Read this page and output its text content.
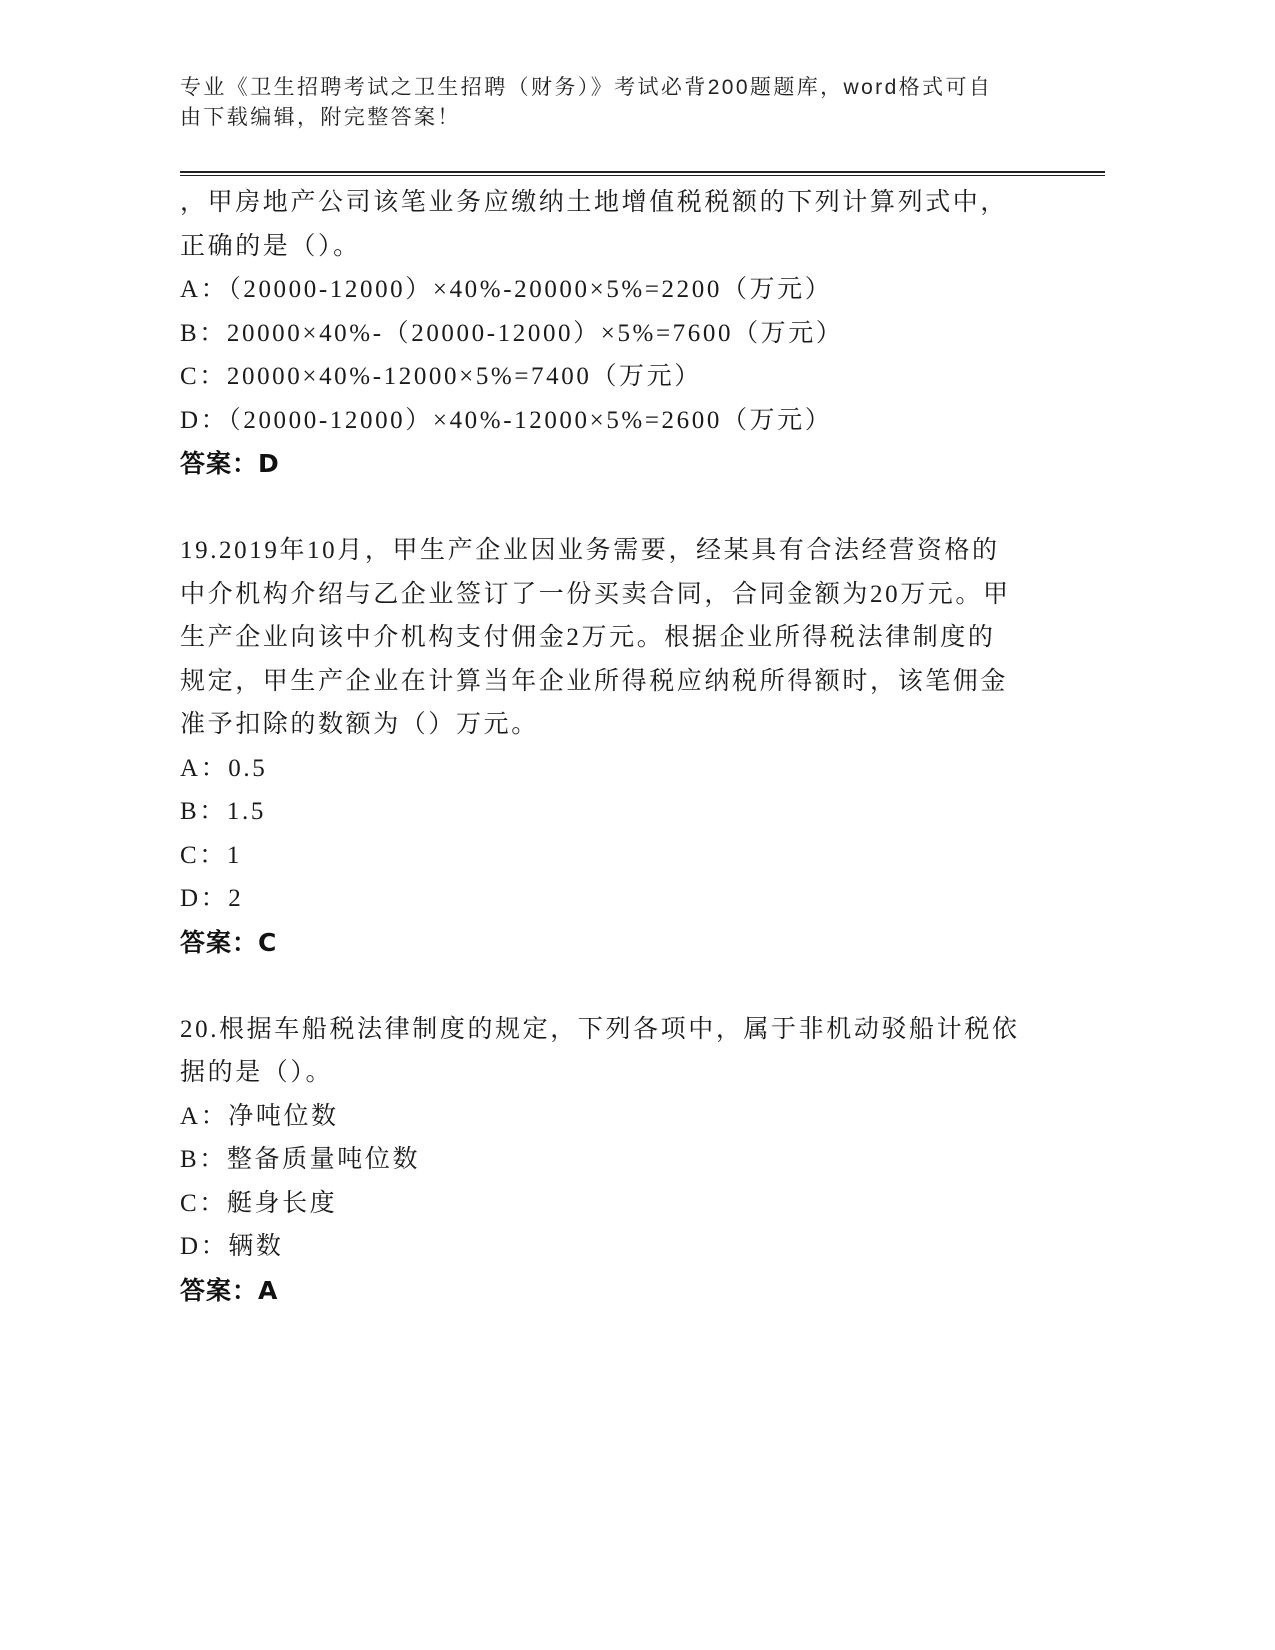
专业《卫生招聘考试之卫生招聘（财务）》考试必背200题题库，word格式可自
由下载编辑，附完整答案！
，甲房地产公司该笔业务应缴纳土地增值税税额的下列计算列式中，
正确的是（）。
A：（20000-12000）×40%-20000×5%=2200（万元）
B：20000×40%-（20000-12000）×5%=7600（万元）
C：20000×40%-12000×5%=7400（万元）
D：（20000-12000）×40%-12000×5%=2600（万元）
答案：D
19.2019年10月，甲生产企业因业务需要，经某具有合法经营资格的
中介机构介绍与乙企业签订了一份买卖合同，合同金额为20万元。甲
生产企业向该中介机构支付佣金2万元。根据企业所得税法律制度的
规定，甲生产企业在计算当年企业所得税应纳税所得额时，该笔佣金
准予扣除的数额为（）万元。
A：0.5
B：1.5
C：1
D：2
答案：C
20.根据车船税法律制度的规定，下列各项中，属于非机动驳船计税依
据的是（）。
A：净吨位数
B：整备质量吨位数
C：艇身长度
D：辆数
答案：A
